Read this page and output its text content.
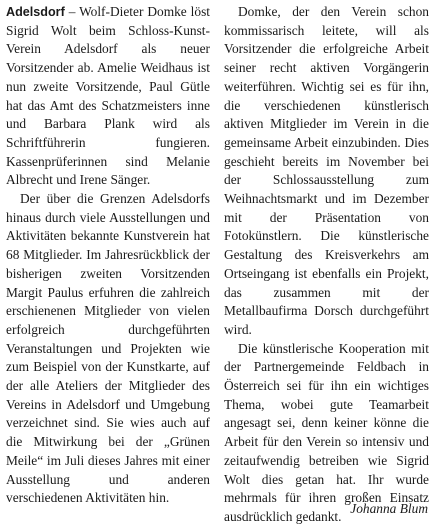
Adelsdorf – Wolf-Dieter Domke löst Sigrid Wolt beim Schloss-Kunst-Verein Adelsdorf als neuer Vorsitzender ab. Amelie Weidhaus ist nun zweite Vorsitzende, Paul Gütle hat das Amt des Schatzmeisters inne und Barbara Plank wird als Schriftführerin fungieren. Kassenprüferinnen sind Melanie Albrecht und Irene Sänger.

Der über die Grenzen Adelsdorfs hinaus durch viele Ausstellungen und Aktivitäten bekannte Kunstverein hat 68 Mitglieder. Im Jahresrückblick der bisherigen zweiten Vorsitzenden Margit Paulus erfuhren die zahlreich erschienenen Mitglieder von vielen erfolgreich durchgeführten Veranstaltungen und Projekten wie zum Beispiel von der Kunstkarte, auf der alle Ateliers der Mitglieder des Vereins in Adelsdorf und Umgebung verzeichnet sind. Sie wies auch auf die Mitwirkung bei der „Grünen Meile“ im Juli dieses Jahres mit einer Ausstellung und anderen verschiedenen Aktivitäten hin.

Domke, der den Verein schon kommissarisch leitete, will als Vorsitzender die erfolgreiche Arbeit seiner recht aktiven Vorgängerin weiterführen. Wichtig sei es für ihn, die verschiedenen künstlerisch aktiven Mitglieder im Verein in die gemeinsame Arbeit einzubinden. Dies geschieht bereits im November bei der Schlossausstellung zum Weihnachtsmarkt und im Dezember mit der Präsentation von Fotokünstlern. Die künstlerische Gestaltung des Kreisverkehrs am Ortseingang ist ebenfalls ein Projekt, das zusammen mit der Metallbaufirma Dorsch durchgeführt wird.

Die künstlerische Kooperation mit der Partnergemeinde Feldbach in Österreich sei für ihn ein wichtiges Thema, wobei gute Teamarbeit angesagt sei, denn keiner könne die Arbeit für den Verein so intensiv und zeitaufwendig betreiben wie Sigrid Wolt dies getan hat. Ihr wurde mehrmals für ihren großen Einsatz ausdrücklich gedankt.

Johanna Blum
